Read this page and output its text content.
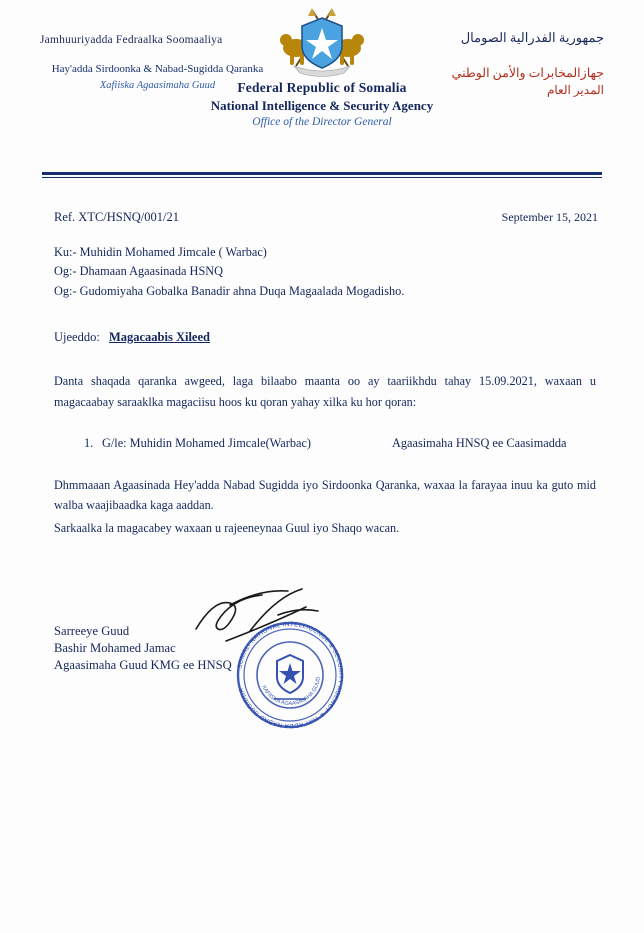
Jamhuuriyadda Fedraalka Soomaaliya
Hay'adda Sirdoonka & Nabad-Sugidda Qaranka
Xafiiska Agaasimaha Guud
جمهورية الفدرالية الصومال
جهازالمخابرات والأمن الوطني
المدير العام
Federal Republic of Somalia
National Intelligence & Security Agency
Office of the Director General
Ref. XTC/HSNQ/001/21	September 15, 2021
Ku:- Muhidin Mohamed Jimcale ( Warbac)
Og:- Dhamaan Agaasinada HSNQ
Og:- Gudomiyaha Gobalka Banadir ahna Duqa Magaalada Mogadisho.
Ujeeddo: Magacaabis Xileed
Danta shaqada qaranka awgeed, laga bilaabo maanta oo ay taariikhdu tahay 15.09.2021, waxaan u magacaabay saraaklka magaciisu hoos ku qoran yahay xilka ku hor qoran:
1. G/le: Muhidin Mohamed Jimcale(Warbac)	Agaasimaha HNSQ ee Caasimadda
Dhmmaaan Agaasinada Hey'adda Nabad Sugidda iyo Sirdoonka Qaranka, waxaa la farayaa inuu ka guto mid walba waajibaadka kaga aaddan.
Sarkaalka la magacabey waxaan u rajeeneynaa Guul iyo Shaqo wacan.
Sarreeye Guud
Bashir Mohamed Jamac
Agaasimaha Guud KMG ee HNSQ SOMALI NATIONAL INTELLIGENCE & SECURITY AGENCY ✯ HAY'ADDA NABAD SUGIDDA	XAFIISKA AGAASIMAHA GUUD
